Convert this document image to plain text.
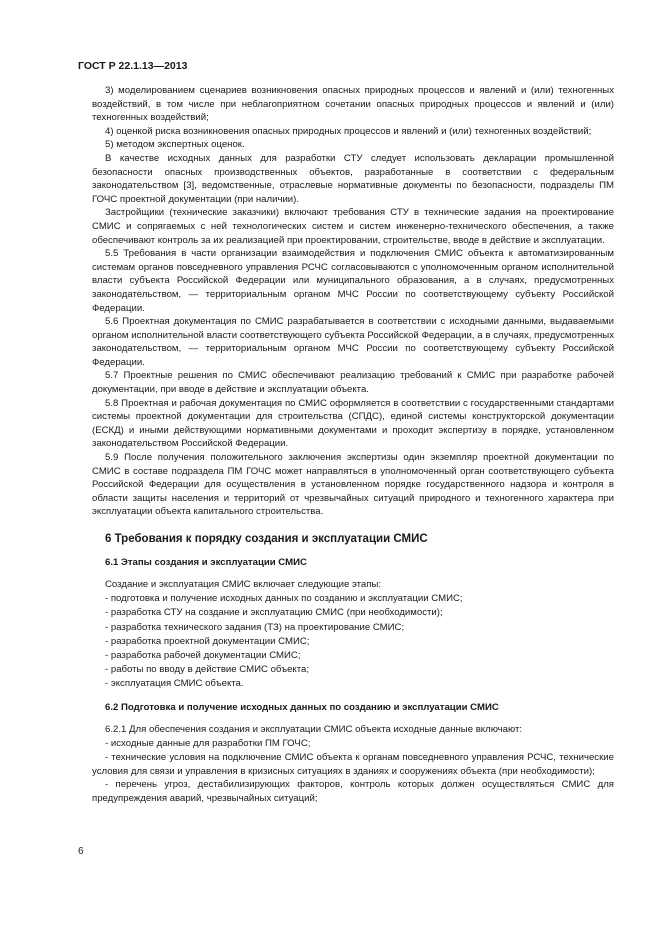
ГОСТ Р 22.1.13—2013

3) моделированием сценариев возникновения опасных природных процессов и явлений и (или) техногенных воздействий, в том числе при неблагоприятном сочетании опасных природных процессов и явлений и (или) техногенных воздействий;

4) оценкой риска возникновения опасных природных процессов и явлений и (или) техногенных воздействий;

5) методом экспертных оценок.

В качестве исходных данных для разработки СТУ следует использовать декларации промышленной безопасности опасных производственных объектов, разработанные в соответствии с федеральным законодательством [3], ведомственные, отраслевые нормативные документы по безопасности, подразделы ПМ ГОЧС проектной документации (при наличии).

Застройщики (технические заказчики) включают требования СТУ в технические задания на проектирование СМИС и сопрягаемых с ней технологических систем и систем инженерно-технического обеспечения, а также обеспечивают контроль за их реализацией при проектировании, строительстве, вводе в действие и эксплуатации.

5.5 Требования в части организации взаимодействия и подключения СМИС объекта к автоматизированным системам органов повседневного управления РСЧС согласовываются с уполномоченным органом исполнительной власти субъекта Российской Федерации или муниципального образования, а в случаях, предусмотренных законодательством, — территориальным органом МЧС России по соответствующему субъекту Российской Федерации.

5.6 Проектная документация по СМИС разрабатывается в соответствии с исходными данными, выдаваемыми органом исполнительной власти соответствующего субъекта Российской Федерации, а в случаях, предусмотренных законодательством, — территориальным органом МЧС России по соответствующему субъекту Российской Федерации.

5.7 Проектные решения по СМИС обеспечивают реализацию требований к СМИС при разработке рабочей документации, при вводе в действие и эксплуатации объекта.

5.8 Проектная и рабочая документация по СМИС оформляется в соответствии с государственными стандартами системы проектной документации для строительства (СПДС), единой системы конструкторской документации (ЕСКД) и иными действующими нормативными документами и проходит экспертизу в порядке, установленном законодательством Российской Федерации.

5.9 После получения положительного заключения экспертизы один экземпляр проектной документации по СМИС в составе подраздела ПМ ГОЧС может направляться в уполномоченный орган соответствующего субъекта Российской Федерации для осуществления в установленном порядке государственного надзора и контроля в области защиты населения и территорий от чрезвычайных ситуаций природного и техногенного характера при эксплуатации объекта капитального строительства.

6 Требования к порядку создания и эксплуатации СМИС
6.1 Этапы создания и эксплуатации СМИС
Создание и эксплуатация СМИС включает следующие этапы:
- подготовка и получение исходных данных по созданию и эксплуатации СМИС;
- разработка СТУ на создание и эксплуатацию СМИС (при необходимости);
- разработка технического задания (ТЗ) на проектирование СМИС;
- разработка проектной документации СМИС;
- разработка рабочей документации СМИС;
- работы по вводу в действие СМИС объекта;
- эксплуатация СМИС объекта.
6.2 Подготовка и получение исходных данных по созданию и эксплуатации СМИС
6.2.1 Для обеспечения создания и эксплуатации СМИС объекта исходные данные включают:
- исходные данные для разработки ПМ ГОЧС;

- технические условия на подключение СМИС объекта к органам повседневного управления РСЧС, технические условия для связи и управления в кризисных ситуациях в зданиях и сооружениях объекта (при необходимости);

- перечень угроз, дестабилизирующих факторов, контроль которых должен осуществляться СМИС для предупреждения аварий, чрезвычайных ситуаций;

6
